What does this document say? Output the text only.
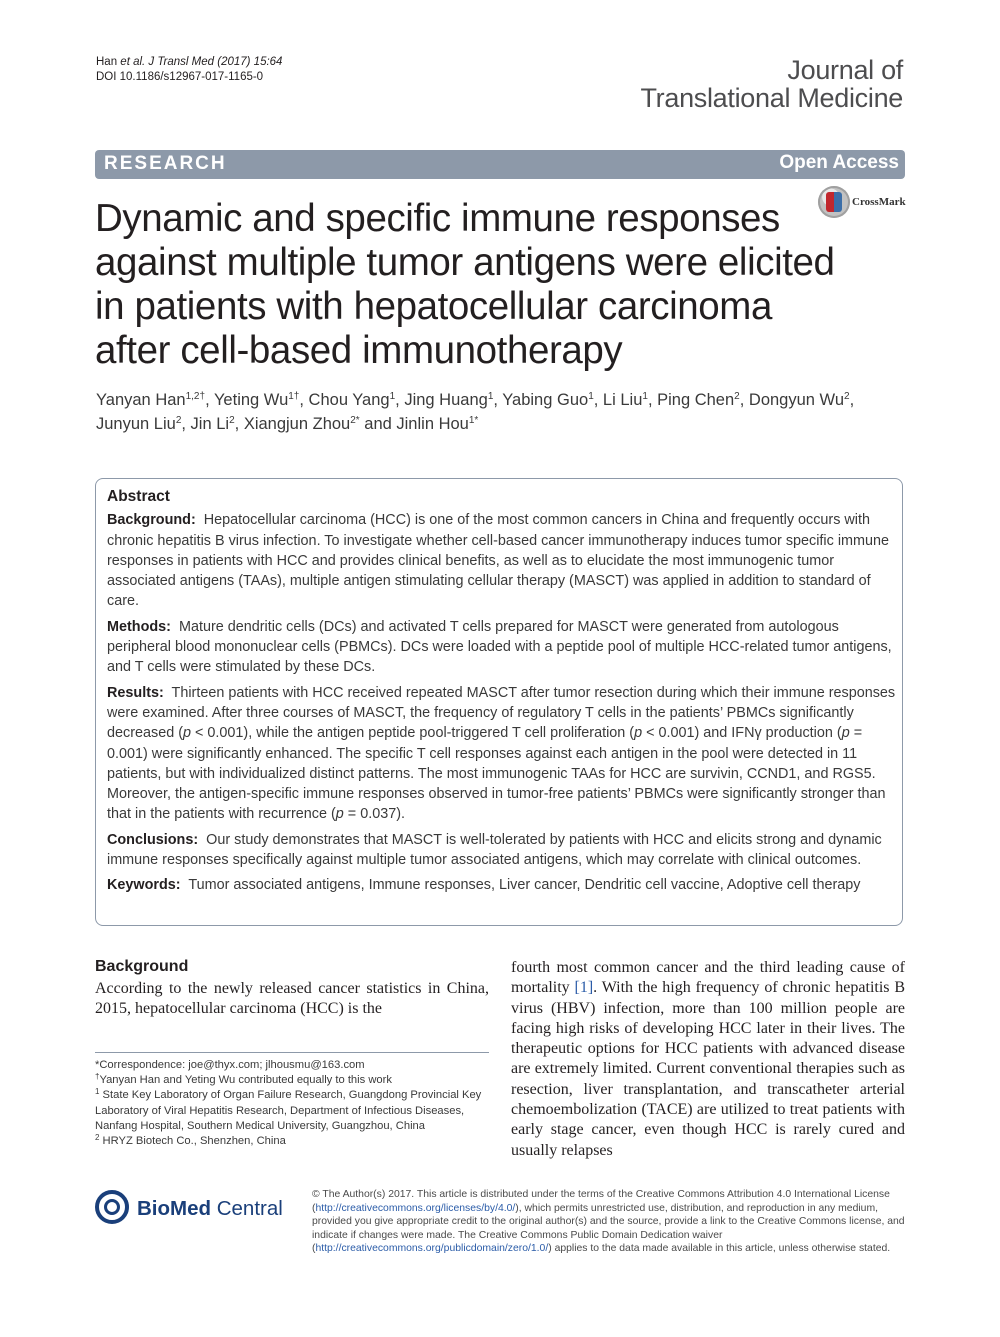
Han et al. J Transl Med (2017) 15:64
DOI 10.1186/s12967-017-1165-0	Journal of
Translational Medicine
RESEARCH	Open Access
CrossMark
Dynamic and specific immune responses
against multiple tumor antigens were elicited
in patients with hepatocellular carcinoma
after cell-based immunotherapy
Yanyan Han$^{1,2\dagger}$, Yeting $Wu^{1\dagger}$, Chou Yang$^1$, Jing Huang$^1$, Yabing Guo$^1$, Li Liu$^1$, Ping Chen$^2$, Dongyun Wu$^2$,
Junyun Liu$^2$, Jin Li$^2$, Xiangjun Zhou$^{2*}$ and Jinlin Hou$^{1*}$
Abstract

Background: Hepatocellular carcinoma (HCC) is one of the most common cancers in China and frequently occurs with chronic hepatitis B virus infection. To investigate whether cell-based cancer immunotherapy induces tumor specific immune responses in patients with HCC and provides clinical benefits, as well as to elucidate the most immunogenic tumor associated antigens (TAAs), multiple antigen stimulating cellular therapy (MASCT) was applied in addition to standard of care.

Methods: Mature dendritic cells (DCs) and activated T cells prepared for MASCT were generated from autologous peripheral blood mononuclear cells (PBMCs). DCs were loaded with a peptide pool of multiple HCC-related tumor antigens, and T cells were stimulated by these DCs.

Results: Thirteen patients with HCC received repeated MASCT after tumor resection during which their immune responses were examined. After three courses of MASCT, the frequency of regulatory T cells in the patients’ PBMCs significantly decreased (p < 0.001), while the antigen peptide pool-triggered T cell proliferation (p < 0.001) and IFNγ production (p = 0.001) were significantly enhanced. The specific T cell responses against each antigen in the pool were detected in 11 patients, but with individualized distinct patterns. The most immunogenic TAAs for HCC are survivin, CCND1, and RGS5. Moreover, the antigen-specific immune responses observed in tumor-free patients’ PBMCs were significantly stronger than that in the patients with recurrence (p = 0.037).

Conclusions: Our study demonstrates that MASCT is well-tolerated by patients with HCC and elicits strong and dynamic immune responses specifically against multiple tumor associated antigens, which may correlate with clinical outcomes.

Keywords: Tumor associated antigens, Immune responses, Liver cancer, Dendritic cell vaccine, Adoptive cell therapy

Background
According to the newly released cancer statistics in China, 2015, hepatocellular carcinoma (HCC) is the
fourth most common cancer and the third leading cause of mortality [1]. With the high frequency of chronic hepatitis B virus (HBV) infection, more than 100 million people are facing high risks of developing HCC later in their lives. The therapeutic options for HCC patients with advanced disease are extremely limited. Current conventional therapies such as resection, liver transplantation, and transcatheter arterial chemoembolization (TACE) are utilized to treat patients with early stage cancer, even though HCC is rarely cured and usually relapses

*Correspondence: joe@thyx.com; jlhousmu@163.com

†Yanyan Han and Yeting Wu contributed equally to this work

$^1$ State Key Laboratory of Organ Failure Research, Guangdong Provincial Key Laboratory of Viral Hepatitis Research, Department of Infectious Diseases, Nanfang Hospital, Southern Medical University, Guangzhou, China

$^2$ HRYZ Biotech Co., Shenzhen, China

BioMed Central
© The Author(s) 2017. This article is distributed under the terms of the Creative Commons Attribution 4.0 International License (http://creativecommons.org/licenses/by/4.0/), which permits unrestricted use, distribution, and reproduction in any medium, provided you give appropriate credit to the original author(s) and the source, provide a link to the Creative Commons license, and indicate if changes were made. The Creative Commons Public Domain Dedication waiver (http://creativecommons.org/publicdomain/zero/1.0/) applies to the data made available in this article, unless otherwise stated.
